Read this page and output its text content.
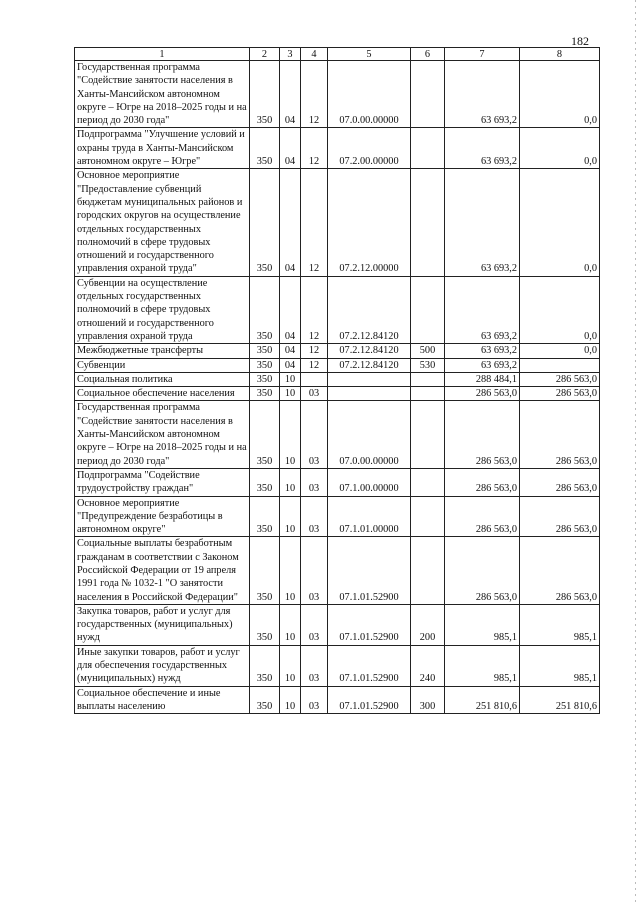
182
1	2	3	4	5	6	7	8
Государственная программа "Содействие занятости населения в Ханты-Мансийском автономном округе – Югре на 2018–2025 годы и на период до 2030 года"	350	04	12	07.0.00.00000		63 693,2	0,0
Подпрограмма "Улучшение условий и охраны труда в Ханты-Мансийском автономном округе – Югре"	350	04	12	07.2.00.00000		63 693,2	0,0
Основное мероприятие "Предоставление субвенций бюджетам муниципальных районов и городских округов на осуществление отдельных государственных полномочий в сфере трудовых отношений и государственного управления охраной труда"	350	04	12	07.2.12.00000		63 693,2	0,0
Субвенции на осуществление отдельных государственных полномочий в сфере трудовых отношений и государственного управления охраной труда	350	04	12	07.2.12.84120		63 693,2	0,0
Межбюджетные трансферты	350	04	12	07.2.12.84120	500	63 693,2	0,0
Субвенции	350	04	12	07.2.12.84120	530	63 693,2	
Социальная политика	350	10				288 484,1	286 563,0
Социальное обеспечение населения	350	10	03			286 563,0	286 563,0
Государственная программа "Содействие занятости населения в Ханты-Мансийском автономном округе – Югре на 2018–2025 годы и на период до 2030 года"	350	10	03	07.0.00.00000		286 563,0	286 563,0
Подпрограмма "Содействие трудоустройству граждан"	350	10	03	07.1.00.00000		286 563,0	286 563,0
Основное мероприятие "Предупреждение безработицы в автономном округе"	350	10	03	07.1.01.00000		286 563,0	286 563,0
Социальные выплаты безработным гражданам в соответствии с Законом Российской Федерации от 19 апреля 1991 года № 1032-1 "О занятости населения в Российской Федерации"	350	10	03	07.1.01.52900		286 563,0	286 563,0
Закупка товаров, работ и услуг для государственных (муниципальных) нужд	350	10	03	07.1.01.52900	200	985,1	985,1
Иные закупки товаров, работ и услуг для обеспечения государственных (муниципальных) нужд	350	10	03	07.1.01.52900	240	985,1	985,1
Социальное обеспечение и иные выплаты населению	350	10	03	07.1.01.52900	300	251 810,6	251 810,6
